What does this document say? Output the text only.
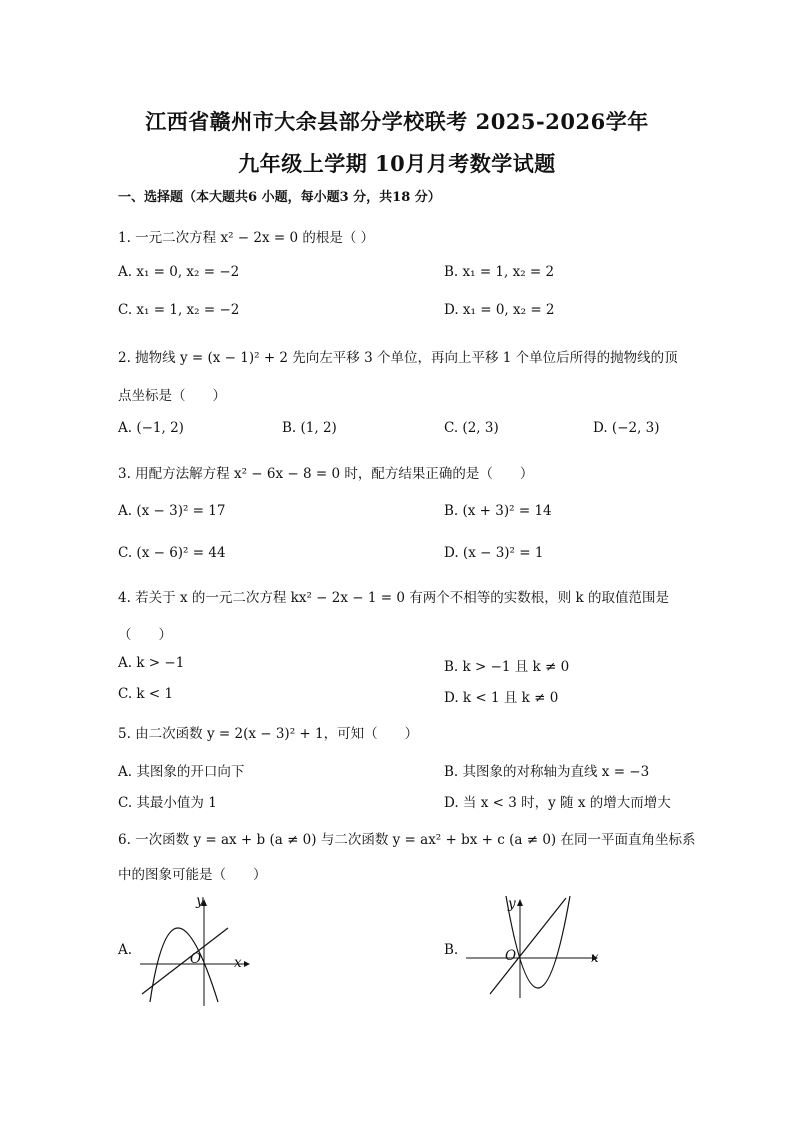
江西省赣州市大余县部分学校联考 2025-2026学年
九年级上学期 10月月考数学试题
一、选择题（本大题共6 小题，每小题3 分，共18 分）
1. 一元二次方程 x² − 2x = 0 的根是（ ）
A. x₁ = 0, x₂ = −2	B. x₁ = 1, x₂ = 2
C. x₁ = 1, x₂ = −2	D. x₁ = 0, x₂ = 2
2. 抛物线 y = (x − 1)² + 2 先向左平移 3 个单位，再向上平移 1 个单位后所得的抛物线的顶
点坐标是（　　）
A. (−1, 2)	B. (1, 2)	C. (2, 3)	D. (−2, 3)
3. 用配方法解方程 x² − 6x − 8 = 0 时，配方结果正确的是（　　）
A. (x − 3)² = 17	B. (x + 3)² = 14
C. (x − 6)² = 44	D. (x − 3)² = 1
4. 若关于 x 的一元二次方程 kx² − 2x − 1 = 0 有两个不相等的实数根，则 k 的取值范围是
（　　）
A. k > −1	B. k > −1 且 k ≠ 0
C. k < 1	D. k < 1 且 k ≠ 0
5. 由二次函数 y = 2(x − 3)² + 1，可知（　　）
A. 其图象的开口向下	B. 其图象的对称轴为直线 x = −3
C. 其最小值为 1	D. 当 x < 3 时，y 随 x 的增大而增大
6. 一次函数 y = ax + b (a ≠ 0) 与二次函数 y = ax² + bx + c (a ≠ 0) 在同一平面直角坐标系
中的图象可能是（　　）
A.
y
x
O
B.
y
x
O
